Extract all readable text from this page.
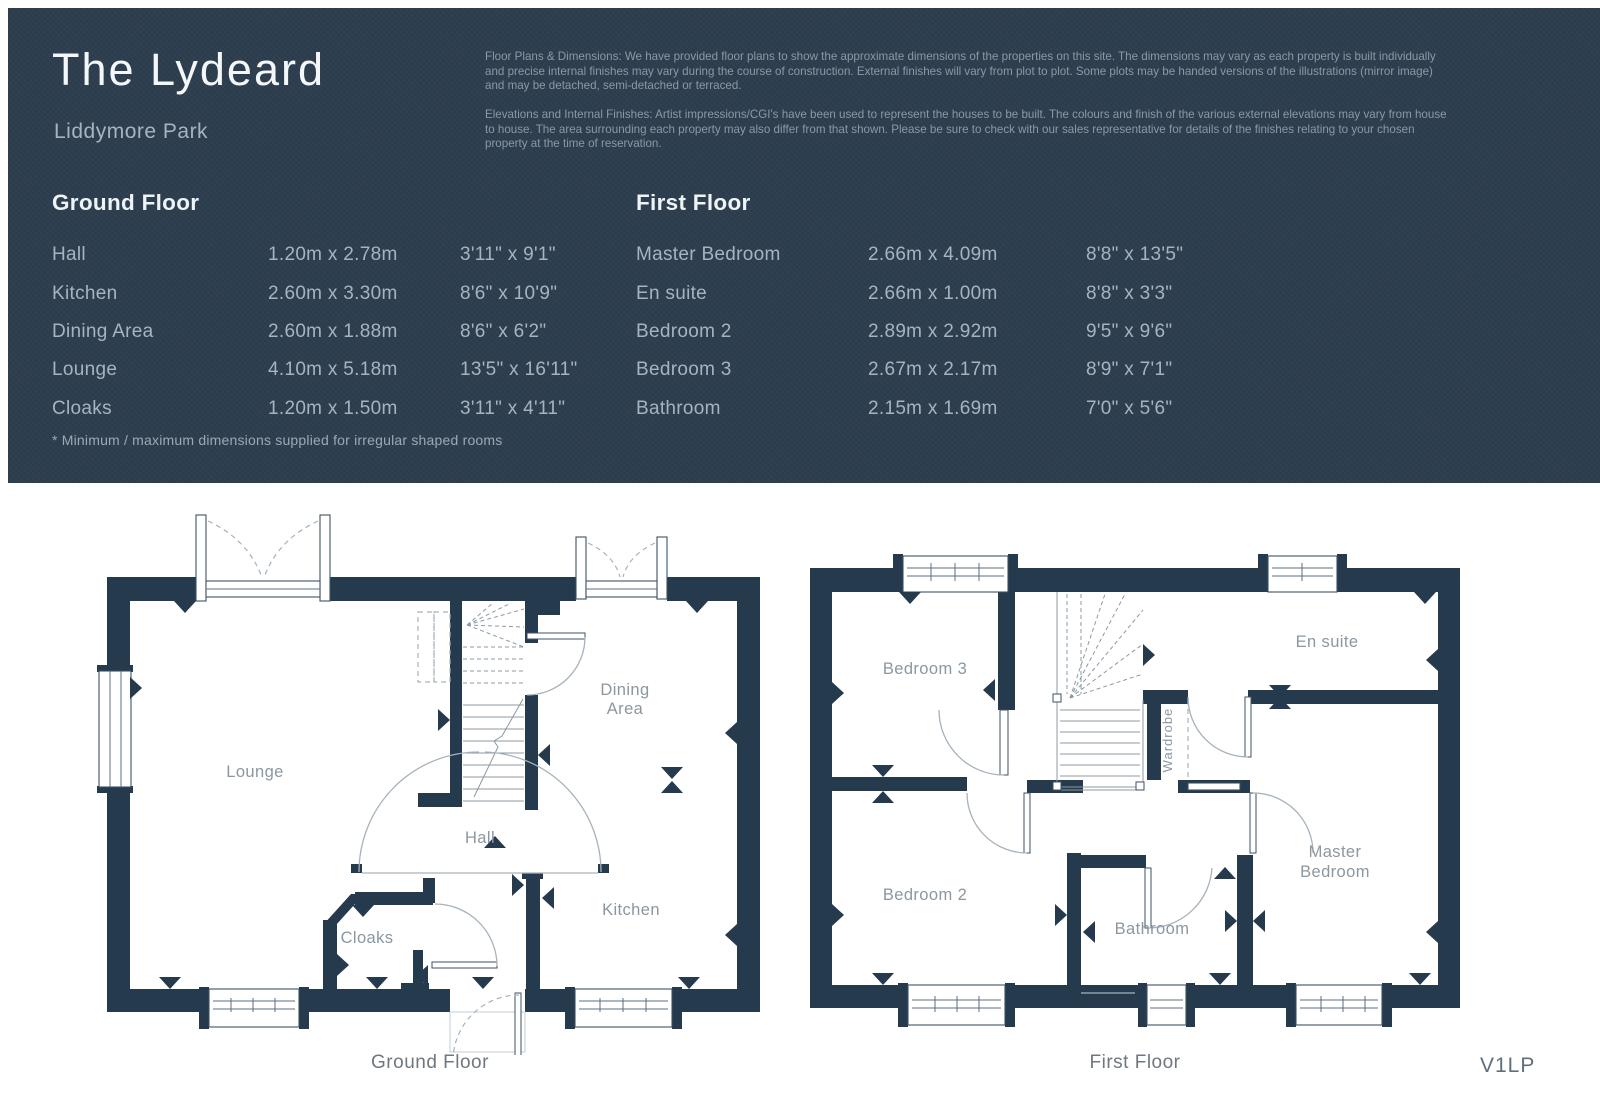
The Lydeard
Liddymore Park
Floor Plans & Dimensions: We have provided floor plans to show the approximate dimensions of the properties on this site. The dimensions may vary as each property is built individually and precise internal finishes may vary during the course of construction. External finishes will vary from plot to plot. Some plots may be handed versions of the illustrations (mirror image) and may be detached, semi-detached or terraced.
Elevations and Internal Finishes: Artist impressions/CGI's have been used to represent the houses to be built. The colours and finish of the various external elevations may vary from house to house. The area surrounding each property may also differ from that shown. Please be sure to check with our sales representative for details of the finishes relating to your chosen property at the time of reservation.
Ground Floor
Hall	1.20m x 2.78m	3'11" x 9'1"
Kitchen	2.60m x 3.30m	8'6" x 10'9"
Dining Area	2.60m x 1.88m	8'6" x 6'2"
Lounge	4.10m x 5.18m	13'5" x 16'11"
Cloaks	1.20m x 1.50m	3'11" x 4'11"
* Minimum / maximum dimensions supplied for irregular shaped rooms
First Floor
Master Bedroom	2.66m x 4.09m	8'8" x 13'5"
En suite	2.66m x 1.00m	8'8" x 3'3"
Bedroom 2	2.89m x 2.92m	9'5" x 9'6"
Bedroom 3	2.67m x 2.17m	8'9" x 7'1"
Bathroom	2.15m x 1.69m	7'0" x 5'6"
Lounge
Dining
Area
Hall
Cloaks
Kitchen
Bedroom 3
En suite
Bedroom 2
Bathroom
Master
Bedroom
Wardrobe
Ground Floor	First Floor	V1LP
